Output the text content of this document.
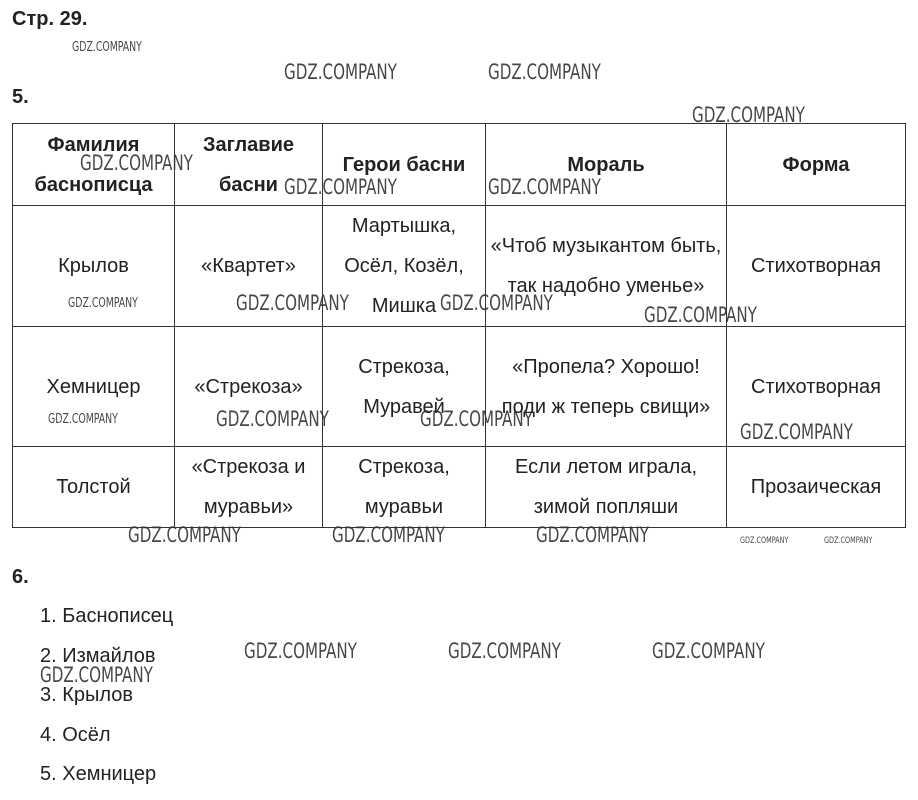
Стр. 29.
5.
Фамилия баснописца	Заглавие басни	Герои басни	Мораль	Форма
Крылов	«Квартет»	Мартышка, Осёл, Козёл, Мишка	«Чтоб музыкантом быть, так надобно уменье»	Стихотворная
Хемницер	«Стрекоза»	Стрекоза, Муравей	«Пропела? Хорошо! поди ж теперь свищи»	Стихотворная
Толстой	«Стрекоза и муравьи»	Стрекоза, муравьи	Если летом играла, зимой попляши	Прозаическая
6.
1. Баснописец
2. Измайлов
3. Крылов
4. Осёл
5. Хемницер
GDZ.COMPANY
GDZ.COMPANY	GDZ.COMPANY
GDZ.COMPANY
GDZ.COMPANY
GDZ.COMPANY	GDZ.COMPANY
GDZ.COMPANY	GDZ.COMPANY	GDZ.COMPANY	GDZ.COMPANY
GDZ.COMPANY	GDZ.COMPANY	GDZ.COMPANY
GDZ.COMPANY
GDZ.COMPANY	GDZ.COMPANY	GDZ.COMPANY	GDZ.COMPANY	GDZ.COMPANY
GDZ.COMPANY	GDZ.COMPANY	GDZ.COMPANY
GDZ.COMPANY
